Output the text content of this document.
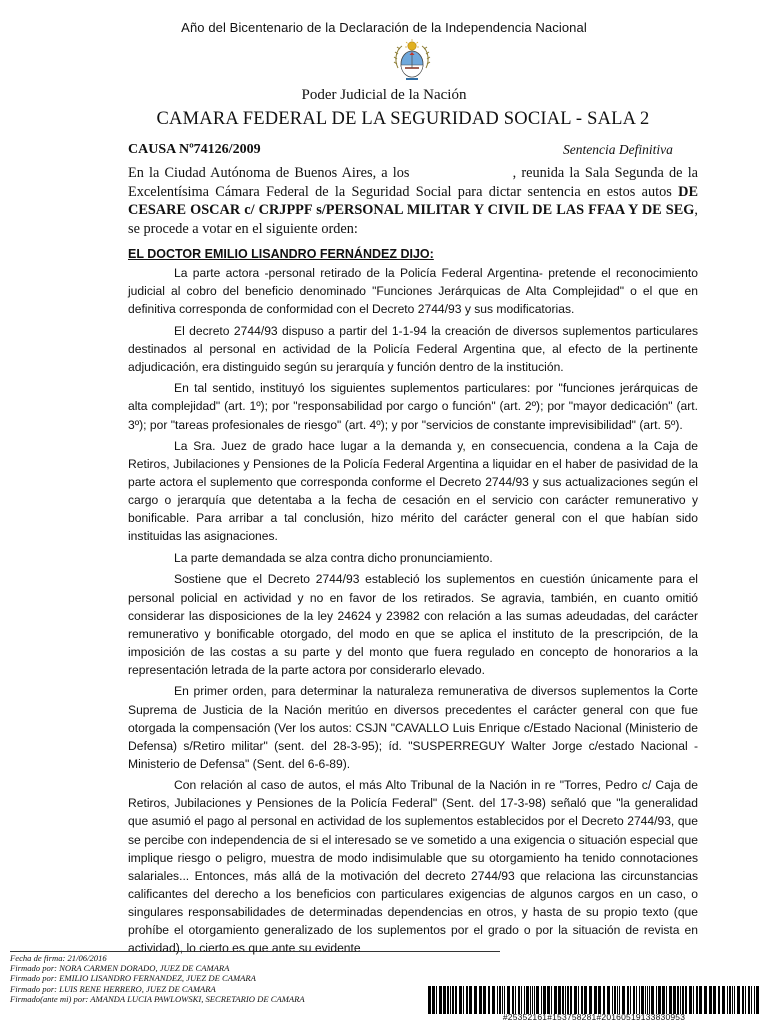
Año del Bicentenario de la Declaración de la Independencia Nacional
Poder Judicial de la Nación
CAMARA FEDERAL DE LA SEGURIDAD SOCIAL - SALA 2
CAUSA Nº74126/2009	Sentencia Definitiva
En la Ciudad Autónoma de Buenos Aires, a los	, reunida la Sala Segunda de la Excelentísima Cámara Federal de la Seguridad Social para dictar sentencia en estos autos DE CESARE OSCAR c/ CRJPPF s/PERSONAL MILITAR Y CIVIL DE LAS FFAA Y DE SEG, se procede a votar en el siguiente orden:
EL DOCTOR EMILIO LISANDRO FERNÁNDEZ DIJO:

La parte actora -personal retirado de la Policía Federal Argentina- pretende el reconocimiento judicial al cobro del beneficio denominado "Funciones Jerárquicas de Alta Complejidad" o el que en definitiva corresponda de conformidad con el Decreto 2744/93 y sus modificatorias.

El decreto 2744/93 dispuso a partir del 1-1-94 la creación de diversos suplementos particulares destinados al personal en actividad de la Policía Federal Argentina que, al efecto de la pertinente adjudicación, era distinguido según su jerarquía y función dentro de la institución.

En tal sentido, instituyó los siguientes suplementos particulares: por "funciones jerárquicas de alta complejidad" (art. 1º); por "responsabilidad por cargo o función" (art. 2º); por "mayor dedicación" (art. 3º); por "tareas profesionales de riesgo" (art. 4º); y por "servicios de constante imprevisibilidad" (art. 5º).

La Sra. Juez de grado hace lugar a la demanda y, en consecuencia, condena a la Caja de Retiros, Jubilaciones y Pensiones de la Policía Federal Argentina a liquidar en el haber de pasividad de la parte actora el suplemento que corresponda conforme el Decreto 2744/93 y sus actualizaciones según el cargo o jerarquía que detentaba a la fecha de cesación en el servicio con carácter remunerativo y bonificable. Para arribar a tal conclusión, hizo mérito del carácter general con el que habían sido instituidas las asignaciones.

La parte demandada se alza contra dicho pronunciamiento.

Sostiene que el Decreto 2744/93 estableció los suplementos en cuestión únicamente para el personal policial en actividad y no en favor de los retirados. Se agravia, también, en cuanto omitió considerar las disposiciones de la ley 24624 y 23982 con relación a las sumas adeudadas, del carácter remunerativo y bonificable otorgado, del modo en que se aplica el instituto de la prescripción, de la imposición de las costas a su parte y del monto que fuera regulado en concepto de honorarios a la representación letrada de la parte actora por considerarlo elevado.

En primer orden, para determinar la naturaleza remunerativa de diversos suplementos la Corte Suprema de Justicia de la Nación meritúo en diversos precedentes el carácter general con que fue otorgada la compensación (Ver los autos: CSJN "CAVALLO Luis Enrique c/Estado Nacional (Ministerio de Defensa) s/Retiro militar" (sent. del 28-3-95); íd. "SUSPERREGUY Walter Jorge c/estado Nacional -Ministerio de Defensa" (Sent. del 6-6-89).

Con relación al caso de autos, el más Alto Tribunal de la Nación in re "Torres, Pedro c/ Caja de Retiros, Jubilaciones y Pensiones de la Policía Federal" (Sent. del 17-3-98) señaló que "la generalidad que asumió el pago al personal en actividad de los suplementos establecidos por el Decreto 2744/93, que se percibe con independencia de si el interesado se ve sometido a una exigencia o situación especial que implique riesgo o peligro, muestra de modo indisimulable que su otorgamiento ha tenido connotaciones salariales... Entonces, más allá de la motivación del decreto 2744/93 que relaciona las circunstancias calificantes del derecho a los beneficios con particulares exigencias de algunos cargos en un caso, o singulares responsabilidades de determinadas dependencias en otros, y hasta de su propio texto (que prohíbe el otorgamiento generalizado de los suplementos por el grado o por la situación de revista en actividad), lo cierto es que ante su evidente

Fecha de firma: 21/06/2016
Firmado por: NORA CARMEN DORADO, JUEZ DE CAMARA
Firmado por: EMILIO LISANDRO FERNANDEZ, JUEZ DE CAMARA
Firmado por: LUIS RENE HERRERO, JUEZ DE CAMARA
Firmado(ante mi) por: AMANDA LUCIA PAWLOWSKI, SECRETARIO DE CAMARA
#25352161#153758281#20160519133830953
